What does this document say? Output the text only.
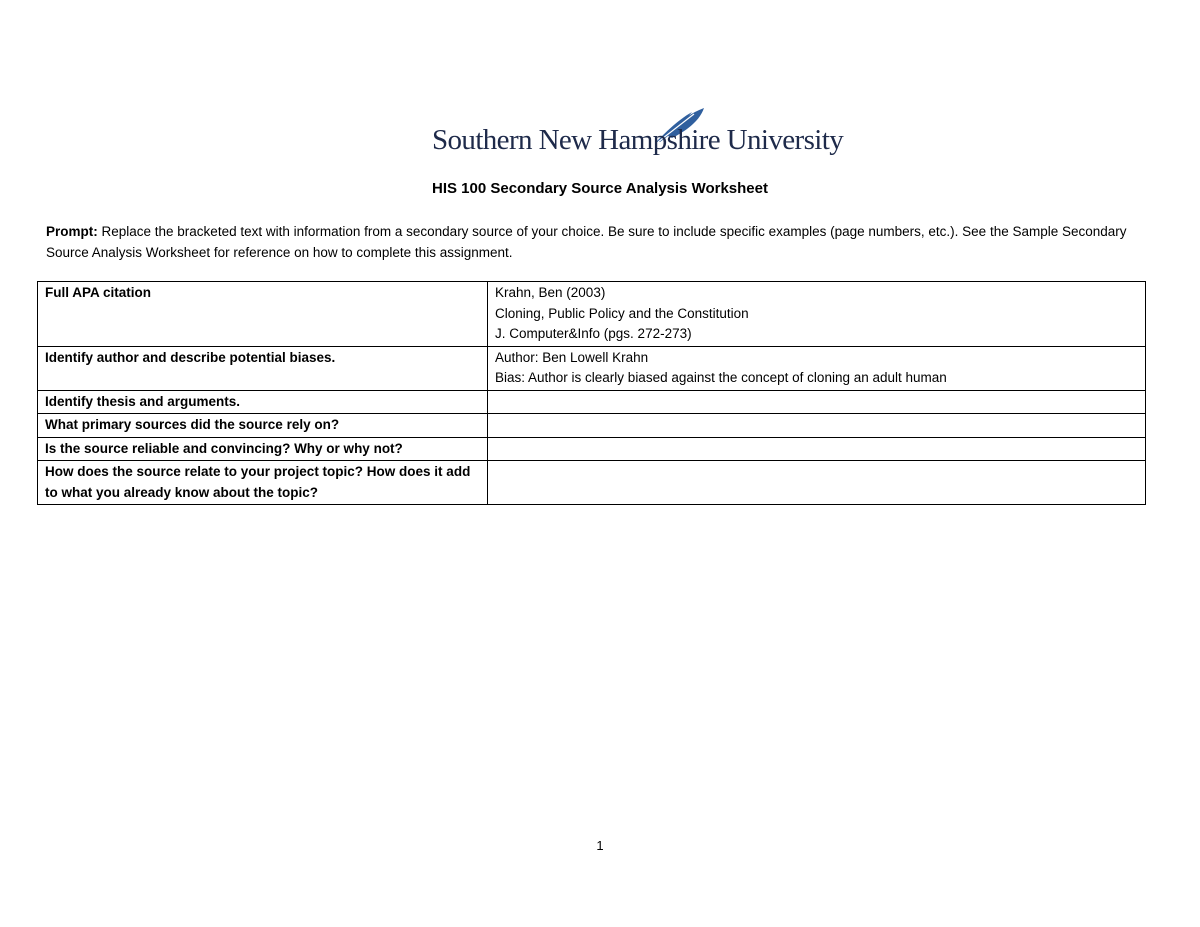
Southern New Hampshire University
HIS 100 Secondary Source Analysis Worksheet
Prompt: Replace the bracketed text with information from a secondary source of your choice. Be sure to include specific examples (page numbers, etc.). See the Sample Secondary Source Analysis Worksheet for reference on how to complete this assignment.
Full APA citation	Krahn, Ben (2003)
Cloning, Public Policy and the Constitution
J. Computer&Info (pgs. 272-273)

Identify author and describe potential biases.	Author: Ben Lowell Krahn
Bias: Author is clearly biased against the concept of cloning an adult human

Identify thesis and arguments.	
What primary sources did the source rely on?	
Is the source reliable and convincing? Why or why not?	
How does the source relate to your project topic? How does it add to what you already know about the topic?	
1
